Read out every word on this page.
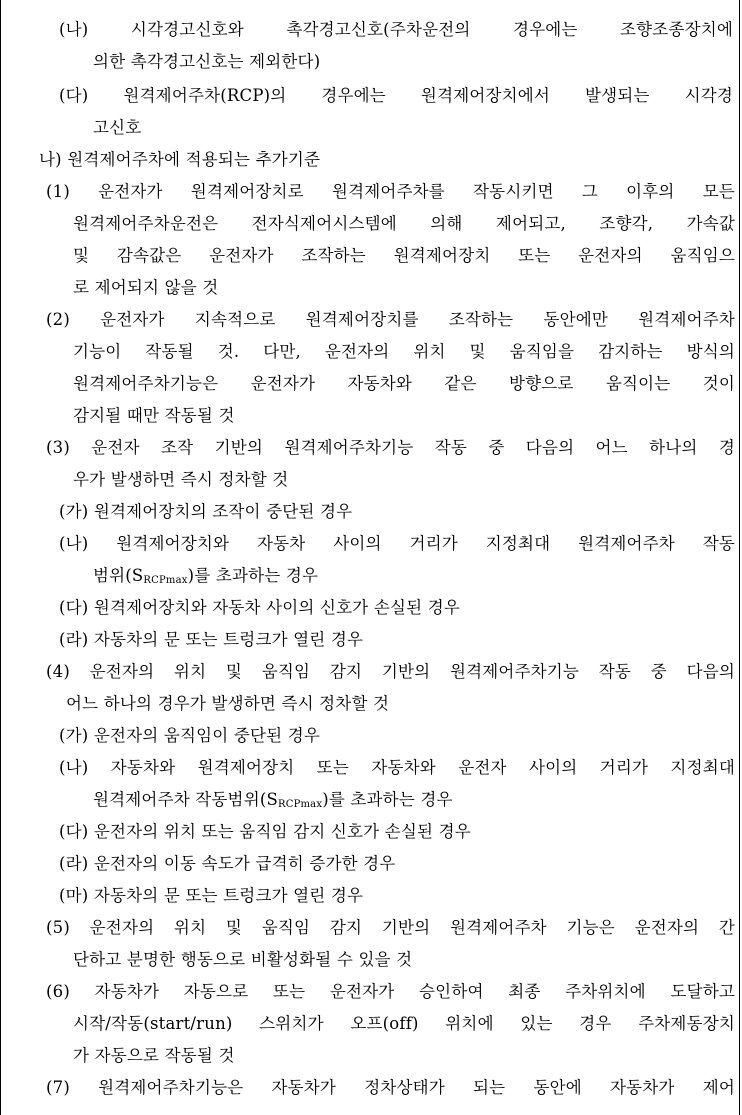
(나) 시각경고신호와 촉각경고신호(주차운전의 경우에는 조향조종장치에
의한 촉각경고신호는 제외한다)
(다) 원격제어주차(RCP)의 경우에는 원격제어장치에서 발생되는 시각경
고신호
나) 원격제어주차에 적용되는 추가기준
(1) 운전자가 원격제어장치로 원격제어주차를 작동시키면 그 이후의 모든
원격제어주차운전은 전자식제어시스템에 의해 제어되고, 조향각, 가속값
및 감속값은 운전자가 조작하는 원격제어장치 또는 운전자의 움직임으
로 제어되지 않을 것
(2) 운전자가 지속적으로 원격제어장치를 조작하는 동안에만 원격제어주차
기능이 작동될 것. 다만, 운전자의 위치 및 움직임을 감지하는 방식의
원격제어주차기능은 운전자가 자동차와 같은 방향으로 움직이는 것이
감지될 때만 작동될 것
(3) 운전자 조작 기반의 원격제어주차기능 작동 중 다음의 어느 하나의 경
우가 발생하면 즉시 정차할 것
(가) 원격제어장치의 조작이 중단된 경우
(나) 원격제어장치와 자동차 사이의 거리가 지정최대 원격제어주차 작동
범위$(S_{RCPmax})$를 초과하는 경우
(다) 원격제어장치와 자동차 사이의 신호가 손실된 경우
(라) 자동차의 문 또는 트렁크가 열린 경우
(4) 운전자의 위치 및 움직임 감지 기반의 원격제어주차기능 작동 중 다음의
어느 하나의 경우가 발생하면 즉시 정차할 것
(가) 운전자의 움직임이 중단된 경우
(나) 자동차와 원격제어장치 또는 자동차와 운전자 사이의 거리가 지정최대
원격제어주차 작동범위$(S_{RCPmax})$를 초과하는 경우
(다) 운전자의 위치 또는 움직임 감지 신호가 손실된 경우
(라) 운전자의 이동 속도가 급격히 증가한 경우
(마) 자동차의 문 또는 트렁크가 열린 경우
(5) 운전자의 위치 및 움직임 감지 기반의 원격제어주차 기능은 운전자의 간
단하고 분명한 행동으로 비활성화될 수 있을 것
(6) 자동차가 자동으로 또는 운전자가 승인하여 최종 주차위치에 도달하고
시작/작동(start/run) 스위치가 오프(off) 위치에 있는 경우 주차제동장치
가 자동으로 작동될 것
(7) 원격제어주차기능은 자동차가 정차상태가 되는 동안에 자동차가 제어
